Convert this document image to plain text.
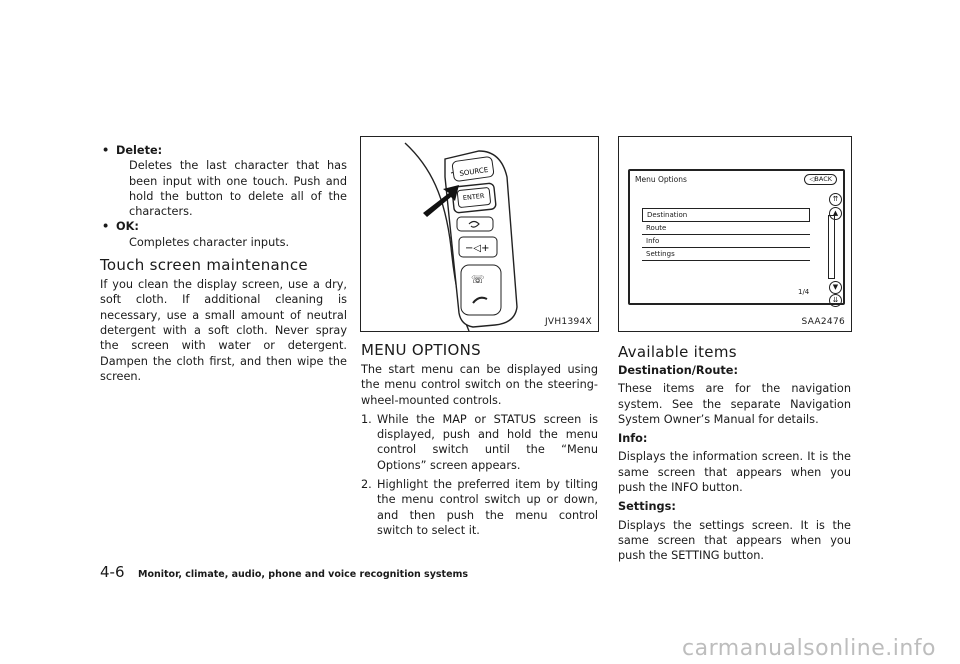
• Delete:

Deletes the last character that has been input with one touch. Push and hold the button to delete all of the characters.

• OK:

Completes character inputs.

Touch screen maintenance

If you clean the display screen, use a dry, soft cloth. If additional cleaning is necessary, use a small amount of neutral detergent with a soft cloth. Never spray the screen with water or detergent. Dampen the cloth first, and then wipe the screen.

SOURCE
ENTER
−◁+
☏
JVH1394X
MENU OPTIONS

The start menu can be displayed using the menu control switch on the steering-wheel-mounted controls.

1. While the MAP or STATUS screen is displayed, push and hold the menu control switch until the “Menu Options” screen appears.

2. Highlight the preferred item by tilting the menu control switch up or down, and then push the menu control switch to select it.

Menu Options	◁BACK
Destination
Route
Info
Settings
⇈
▲
▼
⇊
1/4
SAA2476
Available items

Destination/Route:

These items are for the navigation system. See the separate Navigation System Owner’s Manual for details.

Info:

Displays the information screen. It is the same screen that appears when you push the INFO button.

Settings:

Displays the settings screen. It is the same screen that appears when you push the SETTING button.

4-6 Monitor, climate, audio, phone and voice recognition systems
carmanualsonline.info
